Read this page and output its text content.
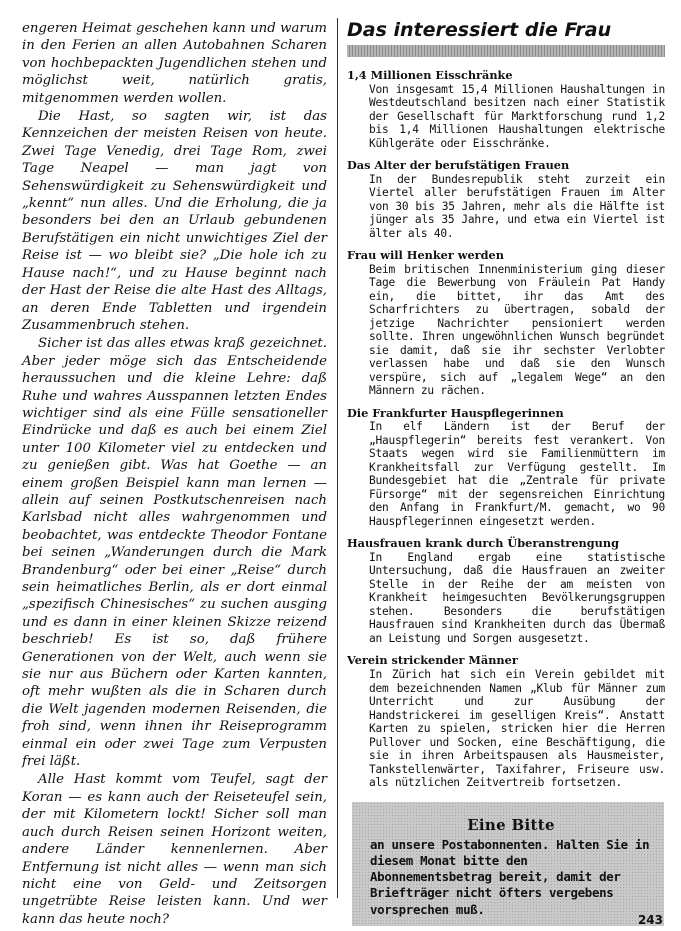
engeren Heimat geschehen kann und warum in den Ferien an allen Autobahnen Scharen von hochbepackten Jugendlichen stehen und möglichst weit, natürlich gratis, mitgenommen werden wollen.

Die Hast, so sagten wir, ist das Kennzeichen der meisten Reisen von heute. Zwei Tage Venedig, drei Tage Rom, zwei Tage Neapel — man jagt von Sehenswürdigkeit zu Sehenswürdigkeit und „kennt“ nun alles. Und die Erholung, die ja besonders bei den an Urlaub gebundenen Berufstätigen ein nicht unwichtiges Ziel der Reise ist — wo bleibt sie? „Die hole ich zu Hause nach!“, und zu Hause beginnt nach der Hast der Reise die alte Hast des Alltags, an deren Ende Tabletten und irgendein Zusammenbruch stehen.

Sicher ist das alles etwas kraß gezeichnet. Aber jeder möge sich das Entscheidende heraussuchen und die kleine Lehre: daß Ruhe und wahres Ausspannen letzten Endes wichtiger sind als eine Fülle sensationeller Eindrücke und daß es auch bei einem Ziel unter 100 Kilometer viel zu entdecken und zu genießen gibt. Was hat Goethe — an einem großen Beispiel kann man lernen — allein auf seinen Postkutschenreisen nach Karlsbad nicht alles wahrgenommen und beobachtet, was entdeckte Theodor Fontane bei seinen „Wanderungen durch die Mark Brandenburg“ oder bei einer „Reise“ durch sein heimatliches Berlin, als er dort einmal „spezifisch Chinesisches“ zu suchen ausging und es dann in einer kleinen Skizze reizend beschrieb! Es ist so, daß frühere Generationen von der Welt, auch wenn sie sie nur aus Büchern oder Karten kannten, oft mehr wußten als die in Scharen durch die Welt jagenden modernen Reisenden, die froh sind, wenn ihnen ihr Reiseprogramm einmal ein oder zwei Tage zum Verpusten frei läßt.

Alle Hast kommt vom Teufel, sagt der Koran — es kann auch der Reiseteufel sein, der mit Kilometern lockt! Sicher soll man auch durch Reisen seinen Horizont weiten, andere Länder kennenlernen. Aber Entfernung ist nicht alles — wenn man sich nicht eine von Geld- und Zeitsorgen ungetrübte Reise leisten kann. Und wer kann das heute noch?

Das interessiert die Frau

1,4 Millionen Eisschränke

Von insgesamt 15,4 Millionen Haushaltungen in Westdeutschland besitzen nach einer Statistik der Gesellschaft für Marktforschung rund 1,2 bis 1,4 Millionen Haushaltungen elektrische Kühlgeräte oder Eisschränke.

Das Alter der berufstätigen Frauen

In der Bundesrepublik steht zurzeit ein Viertel aller berufstätigen Frauen im Alter von 30 bis 35 Jahren, mehr als die Hälfte ist jünger als 35 Jahre, und etwa ein Viertel ist älter als 40.

Frau will Henker werden

Beim britischen Innenministerium ging dieser Tage die Bewerbung von Fräulein Pat Handy ein, die bittet, ihr das Amt des Scharfrichters zu übertragen, sobald der jetzige Nachrichter pensioniert werden sollte. Ihren ungewöhnlichen Wunsch begründet sie damit, daß sie ihr sechster Verlobter verlassen habe und daß sie den Wunsch verspüre, sich auf „legalem Wege“ an den Männern zu rächen.

Die Frankfurter Hauspflegerinnen

In elf Ländern ist der Beruf der „Hauspflegerin“ bereits fest verankert. Von Staats wegen wird sie Familienmüttern im Krankheitsfall zur Verfügung gestellt. Im Bundesgebiet hat die „Zentrale für private Fürsorge“ mit der segensreichen Einrichtung den Anfang in Frankfurt/M. gemacht, wo 90 Hauspflegerinnen eingesetzt werden.

Hausfrauen krank durch Überanstrengung

In England ergab eine statistische Untersuchung, daß die Hausfrauen an zweiter Stelle in der Reihe der am meisten von Krankheit heimgesuchten Bevölkerungsgruppen stehen. Besonders die berufstätigen Hausfrauen sind Krankheiten durch das Übermaß an Leistung und Sorgen ausgesetzt.

Verein strickender Männer

In Zürich hat sich ein Verein gebildet mit dem bezeichnenden Namen „Klub für Männer zum Unterricht und zur Ausübung der Handstrickerei im geselligen Kreis“. Anstatt Karten zu spielen, stricken hier die Herren Pullover und Socken, eine Beschäftigung, die sie in ihren Arbeitspausen als Hausmeister, Tankstellenwärter, Taxifahrer, Friseure usw. als nützlichen Zeitvertreib fortsetzen.

Eine Bitte

an unsere Postabonnenten. Halten Sie in diesem Monat bitte den Abonnementsbetrag bereit, damit der Briefträger nicht öfters vergebens vorsprechen muß.

243
